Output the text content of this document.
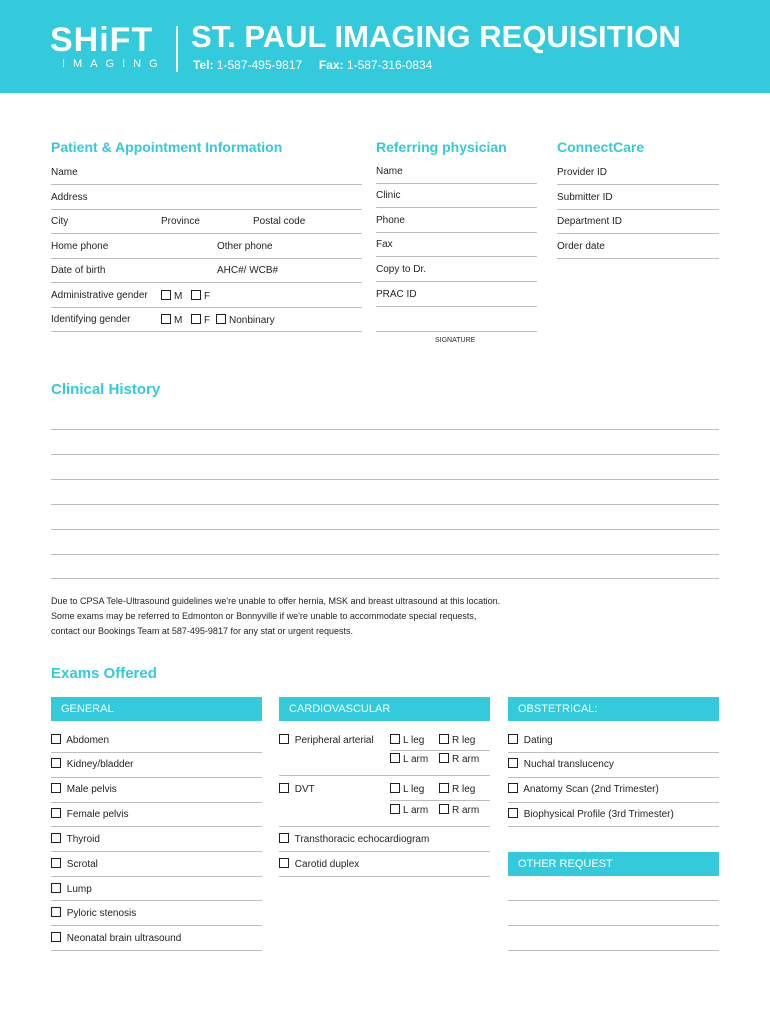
SHiFT
IMAGING
ST. PAUL IMAGING REQUISITION
Tel: 1-587-495-9817 Fax: 1-587-316-0834
Patient & Appointment Information
Name
Address
City	Province	Postal code
Home phone	Other phone
Date of birth	AHC#/ WCB#
Administrative gender	M	F
Identifying gender	M	F	Nonbinary
Referring physician
Name
Clinic
Phone
Fax
Copy to Dr.
PRAC ID
SIGNATURE
ConnectCare
Provider ID
Submitter ID
Department ID
Order date
Clinical History
Due to CPSA Tele-Ultrasound guidelines we're unable to offer hernia, MSK and breast ultrasound at this location. Some exams may be referred to Edmonton or Bonnyville if we're unable to accommodate special requests, contact our Bookings Team at 587-495-9817 for any stat or urgent requests.
Exams Offered
GENERAL	CARDIOVASCULAR	OBSTETRICAL:
Abdomen
Kidney/bladder
Male pelvis
Female pelvis
Thyroid
Scrotal
Lump
Pyloric stenosis
Neonatal brain ultrasound
Peripheral arterial	L leg	R leg
L arm	R arm
DVT	L leg	R leg
L arm	R arm
Transthoracic echocardiogram
Carotid duplex
Dating
Nuchal translucency
Anatomy Scan (2nd Trimester)
Biophysical Profile (3rd Trimester)
OTHER REQUEST
